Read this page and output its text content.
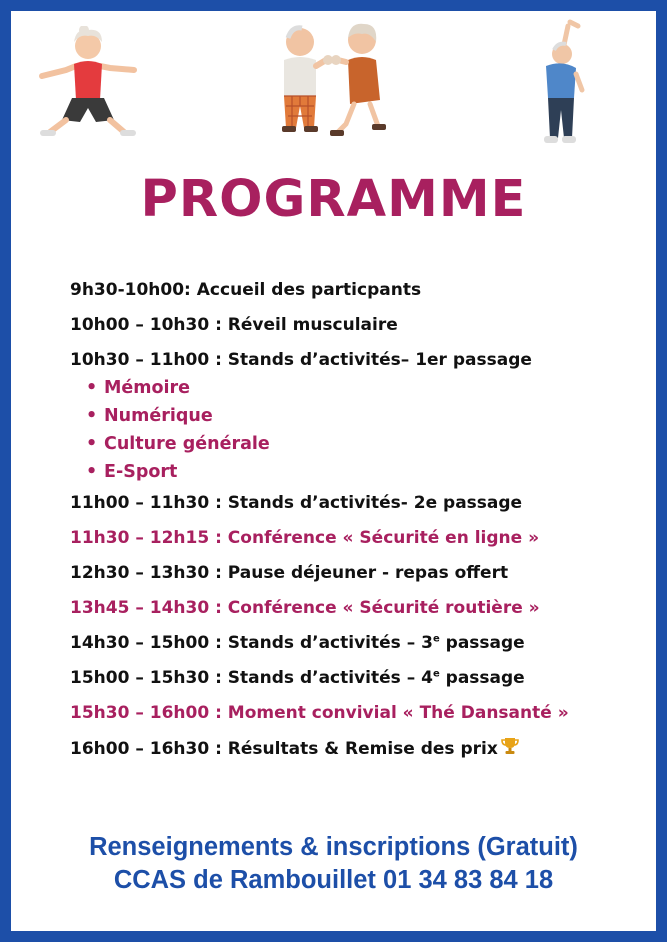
PROGRAMME
9h30-10h00: Accueil des particpants
10h00 – 10h30 : Réveil musculaire
10h30 – 11h00 : Stands d’activités– 1er passage
• Mémoire
• Numérique
• Culture générale
• E-Sport
11h00 – 11h30 : Stands d’activités- 2e passage
11h30 – 12h15 : Conférence « Sécurité en ligne »
12h30 – 13h30 : Pause déjeuner - repas offert
13h45 – 14h30 : Conférence « Sécurité routière »
14h30 – 15h00 : Stands d’activités – 3e passage
15h00 – 15h30 : Stands d’activités – 4e passage
15h30 – 16h00 : Moment convivial « Thé Dansanté »
16h00 – 16h30 : Résultats & Remise des prix
Renseignements & inscriptions (Gratuit)
CCAS de Rambouillet 01 34 83 84 18
